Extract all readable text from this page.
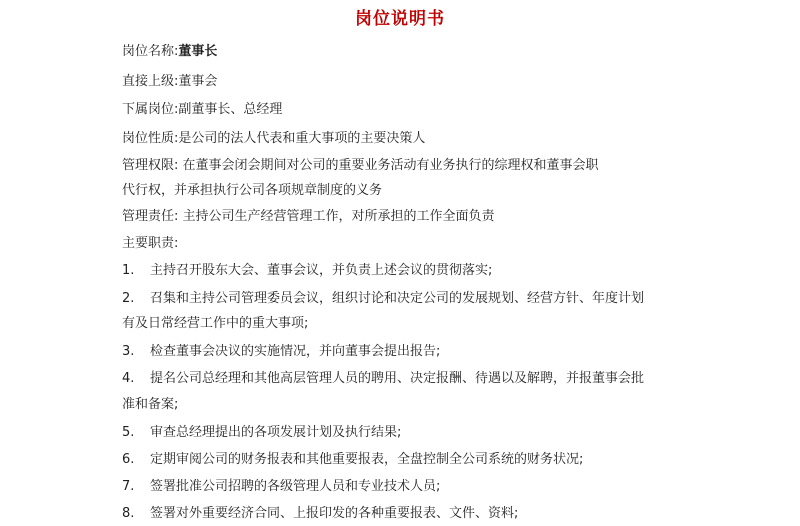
岗位说明书
岗位名称:董事长
直接上级:董事会
下属岗位:副董事长、总经理
岗位性质:是公司的法人代表和重大事项的主要决策人
管理权限: 在董事会闭会期间对公司的重要业务活动有业务执行的综理权和董事会职
代行权，并承担执行公司各项规章制度的义务
管理责任: 主持公司生产经营管理工作，对所承担的工作全面负责
主要职责:
1. 主持召开股东大会、董事会议，并负责上述会议的贯彻落实;
2. 召集和主持公司管理委员会议，组织讨论和决定公司的发展规划、经营方针、年度计划
有及日常经营工作中的重大事项;
3. 检查董事会决议的实施情况，并向董事会提出报告;
4. 提名公司总经理和其他高层管理人员的聘用、决定报酬、待遇以及解聘，并报董事会批
准和备案;
5. 审查总经理提出的各项发展计划及执行结果;
6. 定期审阅公司的财务报表和其他重要报表，全盘控制全公司系统的财务状况;
7. 签署批准公司招聘的各级管理人员和专业技术人员;
8. 签署对外重要经济合同、上报印发的各种重要报表、文件、资料;
